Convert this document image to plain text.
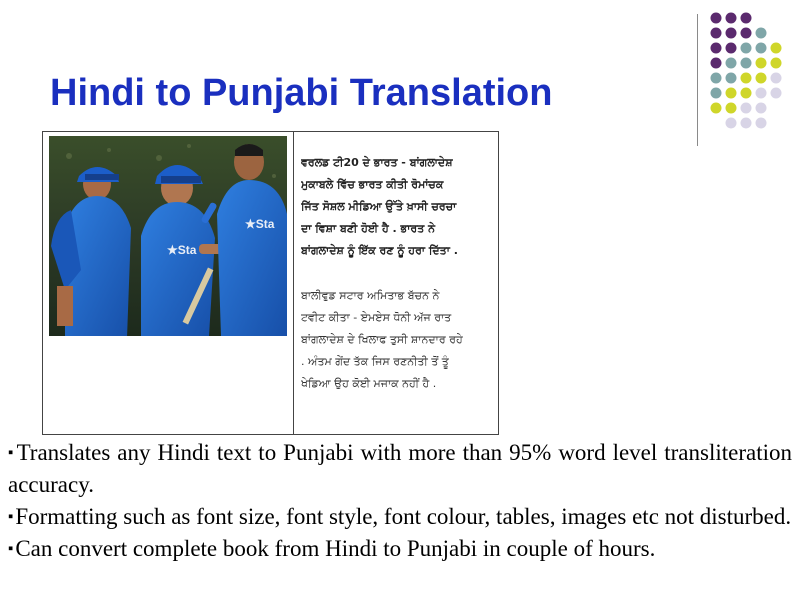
Hindi to Punjabi Translation
★Sta
★Sta
ਵਰਲਡ ਟੀ20 ਦੇ ਭਾਰਤ - ਬਾਂਗਲਾਦੇਸ਼
ਮੁਕਾਬਲੇ ਵਿੱਚ ਭਾਰਤ ਕੀਤੀ ਰੋਮਾਂਚਕ
ਜਿੱਤ ਸੋਸ਼ਲ ਮੀਡਿਆ ਉੱਤੇ ਖ਼ਾਸੀ ਚਰਚਾ
ਦਾ ਵਿਸ਼ਾ ਬਣੀ ਹੋਈ ਹੈ . ਭਾਰਤ ਨੇ
ਬਾਂਗਲਾਦੇਸ਼ ਨੂੰ ਇੱਕ ਰਣ ਨੂੰ ਹਰਾ ਦਿੱਤਾ .
ਬਾਲੀਵੁਡ ਸਟਾਰ ਅਮਿਤਾਭ ਬੱਚਨ ਨੇ
ਟਵੀਟ ਕੀਤਾ - ਏਮਏਸ ਧੋਨੀ ਅੱਜ ਰਾਤ
ਬਾਂਗਲਾਦੇਸ਼ ਦੇ ਖਿਲਾਫ ਤੁਸੀ ਸ਼ਾਨਦਾਰ ਰਹੇ
. ਅੰਤਮ ਗੇਂਦ ਤੱਕ ਜਿਸ ਰਣਨੀਤੀ ਤੋਂ ਤੂੰ
ਖੇਡਿਆ ਉਹ ਕੋਈ ਮਜਾਕ ਨਹੀਂ ਹੈ .
▪Translates any Hindi text to Punjabi with more than 95% word level transliteration accuracy.
▪Formatting such as font size, font style, font colour, tables, images etc not disturbed.
▪Can convert complete book from Hindi to Punjabi in couple of hours.
